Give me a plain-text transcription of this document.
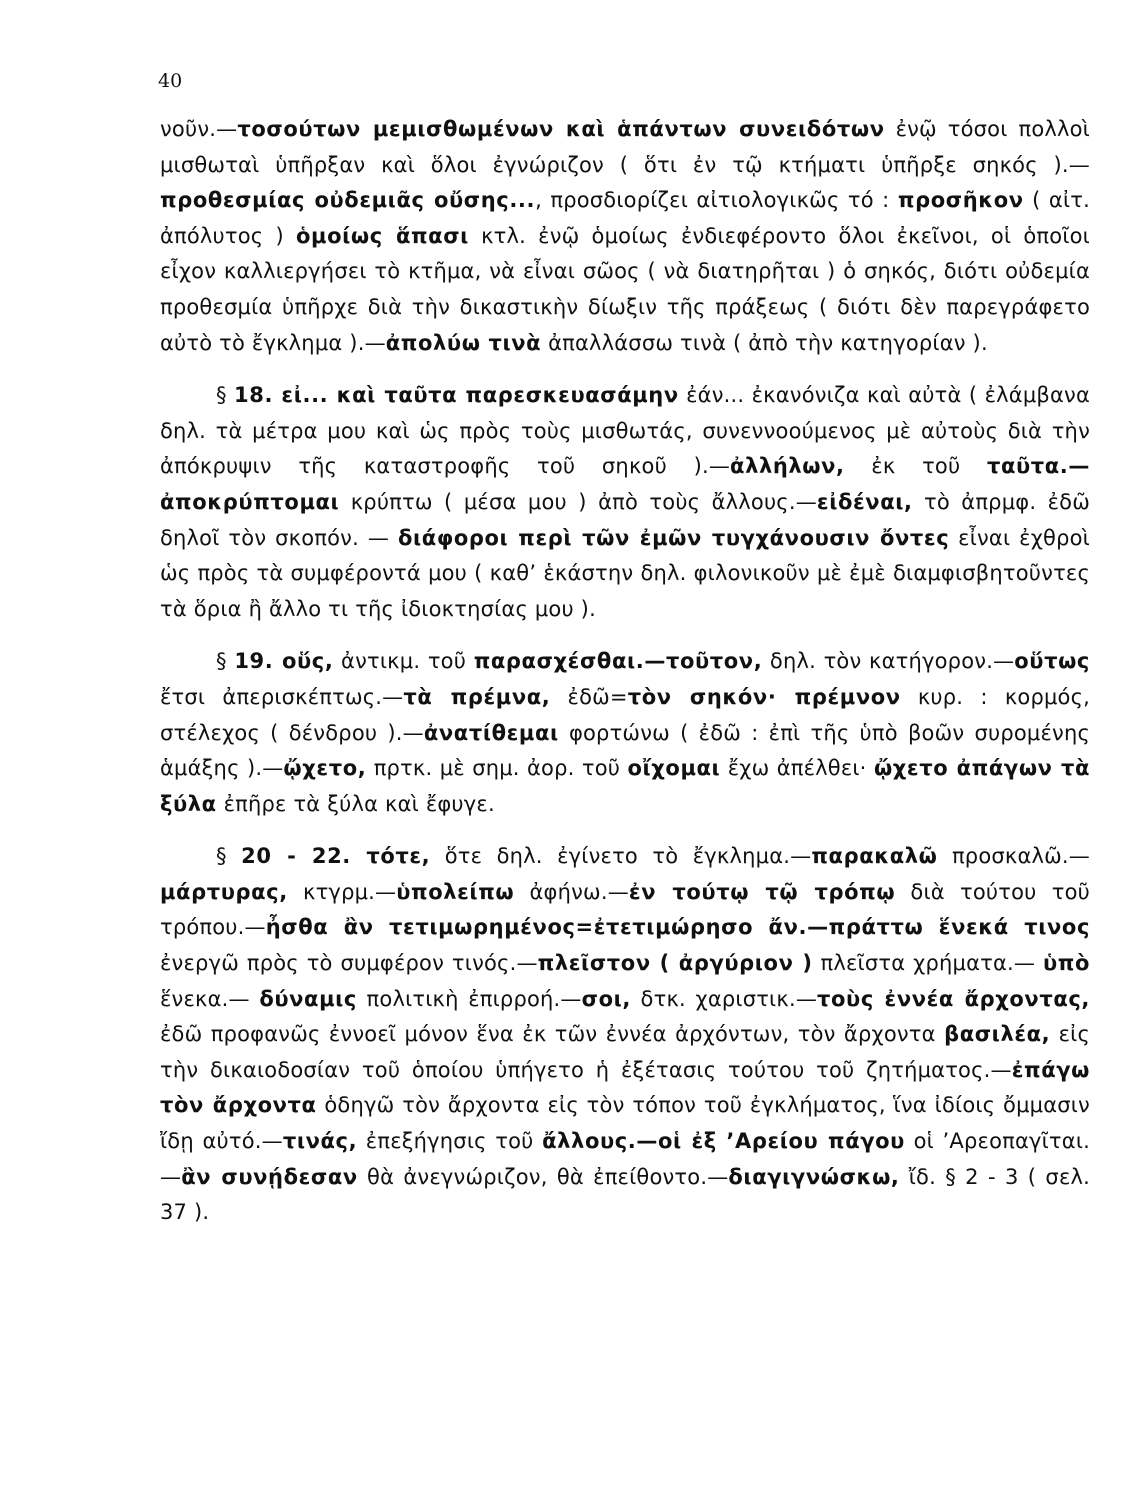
40

νοῦν.—τοσούτων μεμισθωμένων καὶ ἁπάντων συνειδότων ἐνῷ τόσοι πολλοὶ μισθωταὶ ὑπῆρξαν καὶ ὅλοι ἐγνώριζον ( ὅτι ἐν τῷ κτήματι ὑπῆρξε σηκός ).— προθεσμίας οὐδεμιᾶς οὔσης..., προσδιορίζει αἰτιολογικῶς τό : προσῆκον ( αἰτ. ἀπόλυτος ) ὁμοίως ἅπασι κτλ. ἐνῷ ὁμοίως ἐνδιεφέροντο ὅλοι ἐκεῖνοι, οἱ ὁποῖοι εἶχον καλλιεργήσει τὸ κτῆμα, νὰ εἶναι σῶος ( νὰ διατηρῆται ) ὁ σηκός, διότι οὐδεμία προθεσμία ὑπῆρχε διὰ τὴν δικαστικὴν δίωξιν τῆς πράξεως ( διότι δὲν παρεγράφετο αὐτὸ τὸ ἔγκλημα ).—ἀπολύω τινὰ ἀπαλλάσσω τινὰ ( ἀπὸ τὴν κατηγορίαν ).

§ 18. εἰ... καὶ ταῦτα παρεσκευασάμην ἐάν... ἐκανόνιζα καὶ αὐτὰ ( ἐλάμβανα δηλ. τὰ μέτρα μου καὶ ὡς πρὸς τοὺς μισθωτάς, συνεννοούμενος μὲ αὐτοὺς διὰ τὴν ἀπόκρυψιν τῆς καταστροφῆς τοῦ σηκοῦ ).—ἀλλήλων, ἐκ τοῦ ταῦτα.—ἀποκρύπτομαι κρύπτω ( μέσα μου ) ἀπὸ τοὺς ἄλλους.—εἰδέναι, τὸ ἀπρμφ. ἐδῶ δηλοῖ τὸν σκοπόν. — διάφοροι περὶ τῶν ἐμῶν τυγχάνουσιν ὄντες εἶναι ἐχθροὶ ὡς πρὸς τὰ συμφέροντά μου ( καθ’ ἑκάστην δηλ. φιλονικοῦν μὲ ἐμὲ διαμφισβητοῦντες τὰ ὅρια ἢ ἄλλο τι τῆς ἰδιοκτησίας μου ).

§ 19. οὕς, ἀντικμ. τοῦ παρασχέσθαι.—τοῦτον, δηλ. τὸν κατήγορον.—οὕτως ἔτσι ἀπερισκέπτως.—τὰ πρέμνα, ἐδῶ=τὸν σηκόν· πρέμνον κυρ. : κορμός, στέλεχος ( δένδρου ).—ἀνατίθεμαι φορτώνω ( ἐδῶ : ἐπὶ τῆς ὑπὸ βοῶν συρομένης ἁμάξης ).—ᾤχετο, πρτκ. μὲ σημ. ἀορ. τοῦ οἴχομαι ἔχω ἀπέλθει· ᾤχετο ἀπάγων τὰ ξύλα ἐπῆρε τὰ ξύλα καὶ ἔφυγε.

§ 20 - 22. τότε, ὅτε δηλ. ἐγίνετο τὸ ἔγκλημα.—παρακαλῶ προσκαλῶ.—μάρτυρας, κτγρμ.—ὑπολείπω ἀφήνω.—ἐν τούτῳ τῷ τρόπῳ διὰ τούτου τοῦ τρόπου.—ἦσθα ἂν τετιμωρημένος=ἐτετιμώρησο ἄν.—πράττω ἕνεκά τινος ἐνεργῶ πρὸς τὸ συμφέρον τινός.—πλεῖστον ( ἀργύριον ) πλεῖστα χρήματα.— ὑπὸ ἕνεκα.— δύναμις πολιτικὴ ἐπιρροή.—σοι, δτκ. χαριστικ.—τοὺς ἐννέα ἄρχοντας, ἐδῶ προφανῶς ἐννοεῖ μόνον ἕνα ἐκ τῶν ἐννέα ἀρχόντων, τὸν ἄρχοντα βασιλέα, εἰς τὴν δικαιοδοσίαν τοῦ ὁποίου ὑπήγετο ἡ ἐξέτασις τούτου τοῦ ζητήματος.—ἐπάγω τὸν ἄρχοντα ὁδηγῶ τὸν ἄρχοντα εἰς τὸν τόπον τοῦ ἐγκλήματος, ἵνα ἰδίοις ὄμμασιν ἴδῃ αὐτό.—τινάς, ἐπεξήγησις τοῦ ἄλλους.—οἱ ἐξ ’Αρείου πάγου οἱ ’Αρεοπαγῖται.—ἂν συνῄδεσαν θὰ ἀνεγνώριζον, θὰ ἐπείθοντο.—διαγιγνώσκω, ἴδ. § 2 - 3 ( σελ. 37 ).
